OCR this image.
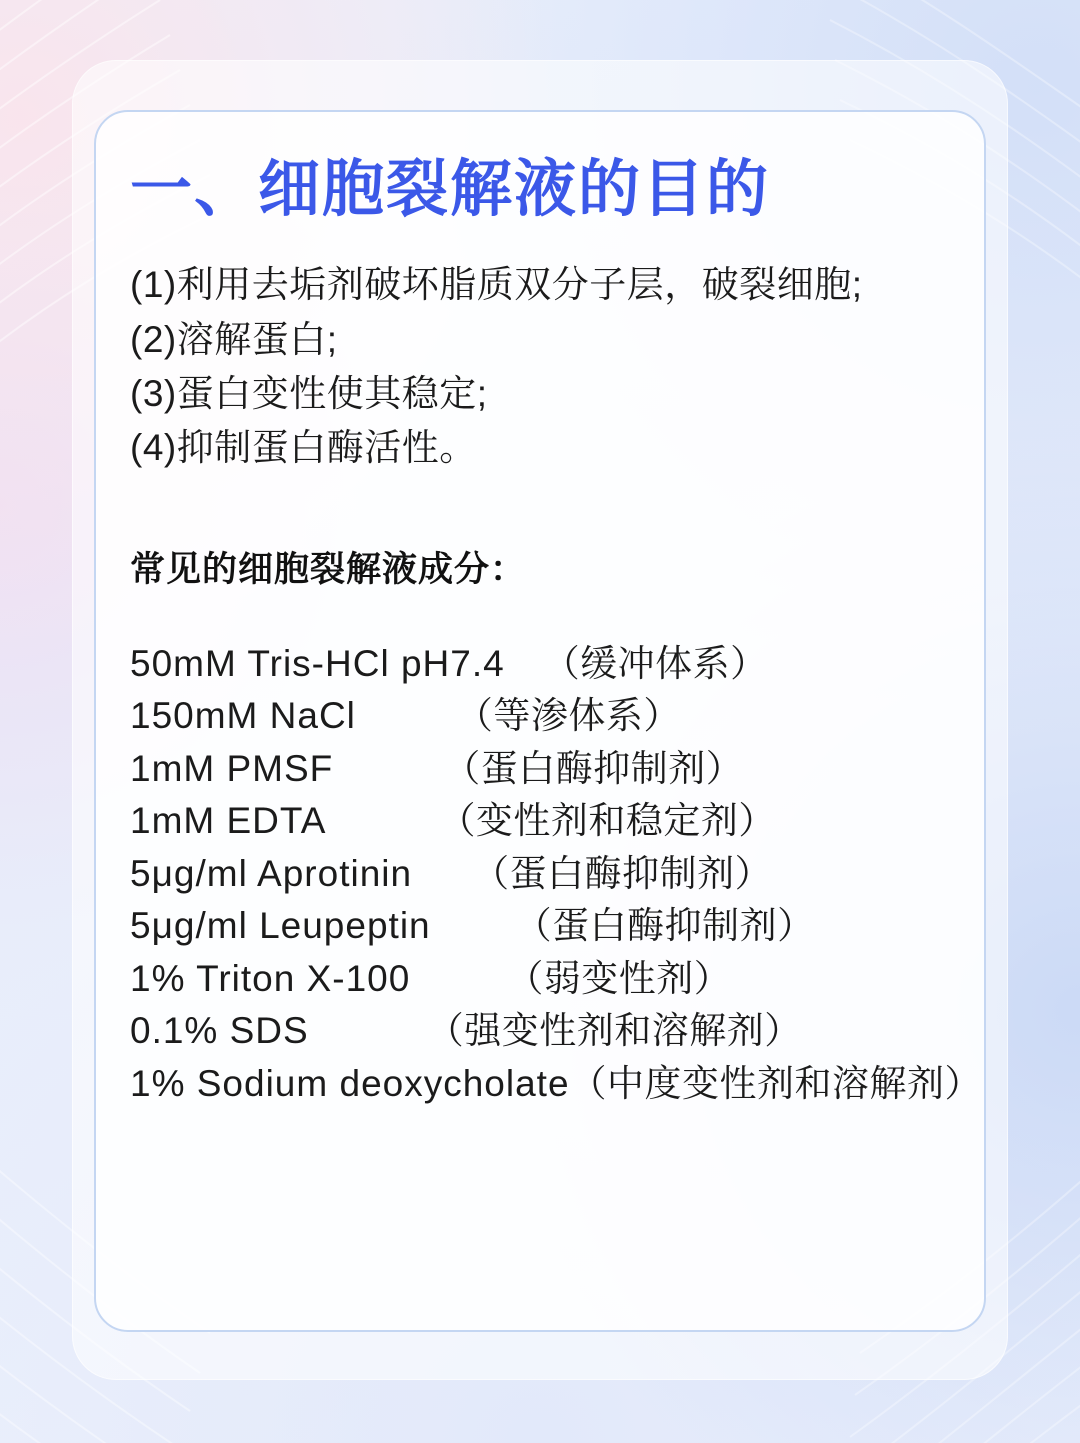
一、细胞裂解液的目的
(1)利用去垢剂破坏脂质双分子层，破裂细胞;
(2)溶解蛋白;
(3)蛋白变性使其稳定;
(4)抑制蛋白酶活性。
常见的细胞裂解液成分：
50mM Tris-HCl pH7.4 （缓冲体系）
150mM NaCl	（等渗体系）
1mM PMSF	（蛋白酶抑制剂）
1mM EDTA	（变性剂和稳定剂）
5μg/ml Aprotinin （蛋白酶抑制剂）
5μg/ml Leupeptin （蛋白酶抑制剂）
1% Triton X-100	（弱变性剂）
0.1% SDS	（强变性剂和溶解剂）
1% Sodium deoxycholate （中度变性剂和溶解剂）
